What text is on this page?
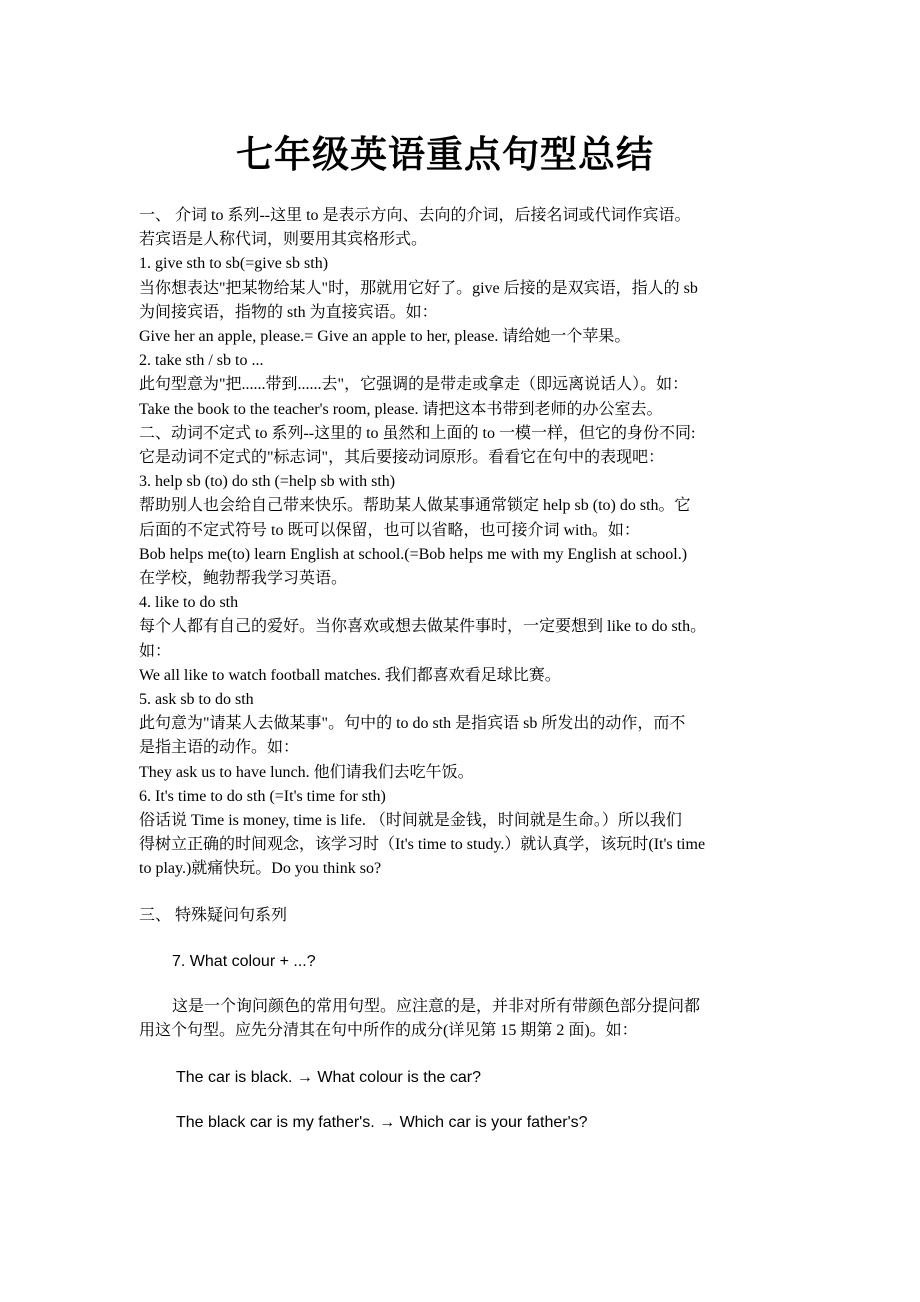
七年级英语重点句型总结

一、 介词 to 系列--这里 to 是表示方向、去向的介词，后接名词或代词作宾语。

若宾语是人称代词，则要用其宾格形式。

1. give sth to sb(=give sb sth)

当你想表达"把某物给某人"时，那就用它好了。give 后接的是双宾语，指人的 sb

为间接宾语，指物的 sth 为直接宾语。如：

Give her an apple, please.= Give an apple to her, please. 请给她一个苹果。

2. take sth / sb to ...

此句型意为"把......带到......去"，它强调的是带走或拿走（即远离说话人）。如：

Take the book to the teacher's room, please. 请把这本书带到老师的办公室去。

二、动词不定式 to 系列--这里的 to 虽然和上面的 to 一模一样，但它的身份不同:

它是动词不定式的"标志词"，其后要接动词原形。看看它在句中的表现吧：

3. help sb (to) do sth (=help sb with sth)

帮助别人也会给自己带来快乐。帮助某人做某事通常锁定 help sb (to) do sth。它

后面的不定式符号 to 既可以保留，也可以省略，也可接介词 with。如：

Bob helps me(to) learn English at school.(=Bob helps me with my English at school.)

在学校，鲍勃帮我学习英语。

4. like to do sth

每个人都有自己的爱好。当你喜欢或想去做某件事时，一定要想到 like to do sth。

如：

We all like to watch football matches. 我们都喜欢看足球比赛。

5. ask sb to do sth

此句意为"请某人去做某事"。句中的 to do sth 是指宾语 sb 所发出的动作，而不

是指主语的动作。如：

They ask us to have lunch. 他们请我们去吃午饭。

6. It's time to do sth (=It's time for sth)

俗话说 Time is money, time is life. （时间就是金钱，时间就是生命。）所以我们

得树立正确的时间观念，该学习时（It's time to study.）就认真学，该玩时(It's time

to play.)就痛快玩。Do you think so?

三、 特殊疑问句系列

7. What colour + ...?

这是一个询问颜色的常用句型。应注意的是，并非对所有带颜色部分提问都

用这个句型。应先分清其在句中所作的成分(详见第 15 期第 2 面)。如：

The car is black. → What colour is the car?

The black car is my father's. → Which car is your father's?
